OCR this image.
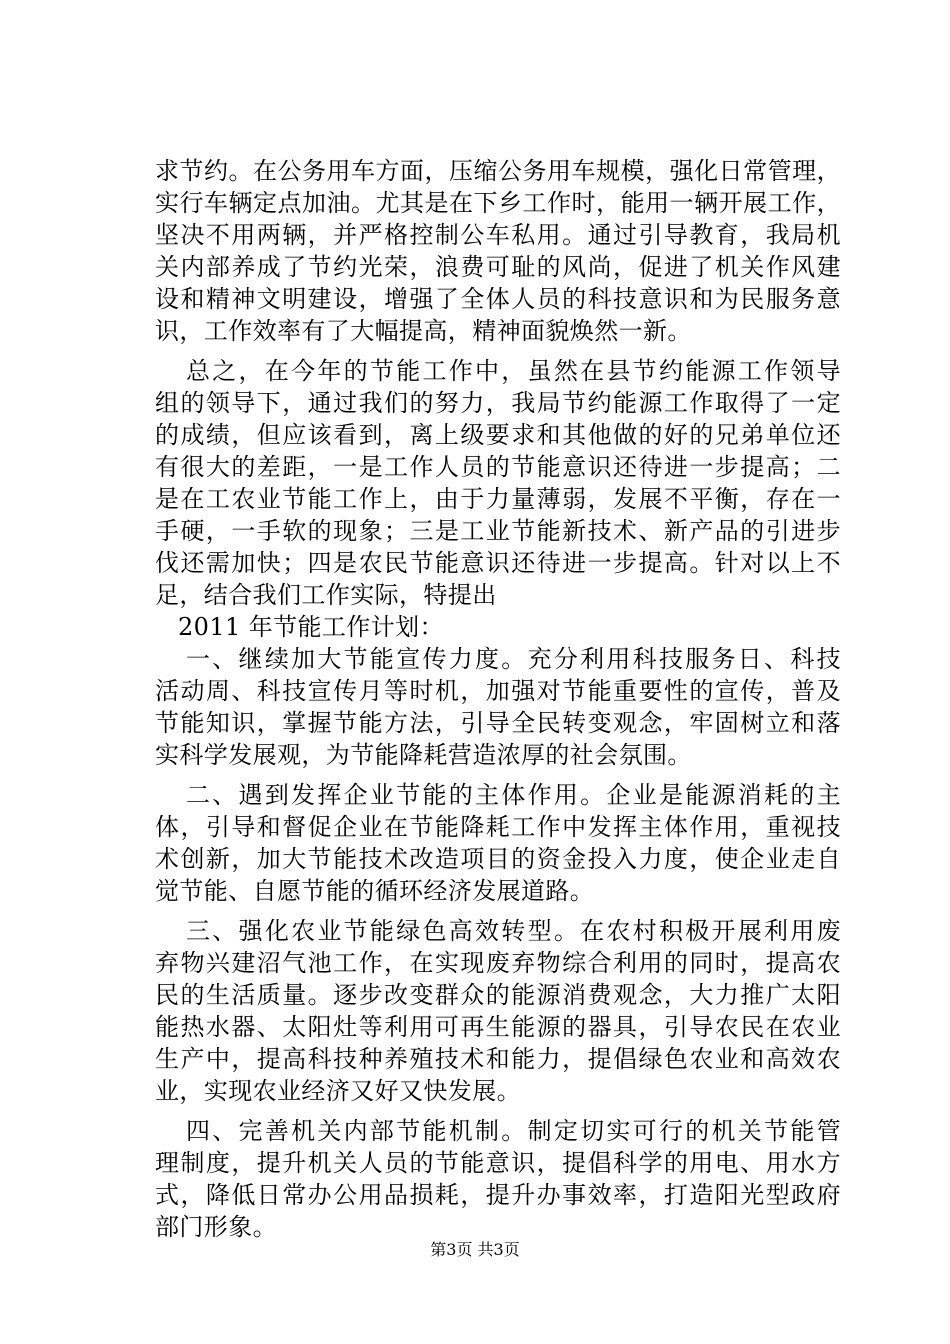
求节约。在公务用车方面，压缩公务用车规模，强化日常管理，
实行车辆定点加油。尤其是在下乡工作时，能用一辆开展工作，
坚决不用两辆，并严格控制公车私用。通过引导教育，我局机
关内部养成了节约光荣，浪费可耻的风尚，促进了机关作风建
设和精神文明建设，增强了全体人员的科技意识和为民服务意
识，工作效率有了大幅提高，精神面貌焕然一新。
总之，在今年的节能工作中，虽然在县节约能源工作领导
组的领导下，通过我们的努力，我局节约能源工作取得了一定
的成绩，但应该看到，离上级要求和其他做的好的兄弟单位还
有很大的差距，一是工作人员的节能意识还待进一步提高；二
是在工农业节能工作上，由于力量薄弱，发展不平衡，存在一
手硬，一手软的现象；三是工业节能新技术、新产品的引进步
伐还需加快；四是农民节能意识还待进一步提高。针对以上不
足，结合我们工作实际，特提出
2011 年节能工作计划：
一、继续加大节能宣传力度。充分利用科技服务日、科技
活动周、科技宣传月等时机，加强对节能重要性的宣传，普及
节能知识，掌握节能方法，引导全民转变观念，牢固树立和落
实科学发展观，为节能降耗营造浓厚的社会氛围。
二、遇到发挥企业节能的主体作用。企业是能源消耗的主
体，引导和督促企业在节能降耗工作中发挥主体作用，重视技
术创新，加大节能技术改造项目的资金投入力度，使企业走自
觉节能、自愿节能的循环经济发展道路。
三、强化农业节能绿色高效转型。在农村积极开展利用废
弃物兴建沼气池工作，在实现废弃物综合利用的同时，提高农
民的生活质量。逐步改变群众的能源消费观念，大力推广太阳
能热水器、太阳灶等利用可再生能源的器具，引导农民在农业
生产中，提高科技种养殖技术和能力，提倡绿色农业和高效农
业，实现农业经济又好又快发展。
四、完善机关内部节能机制。制定切实可行的机关节能管
理制度，提升机关人员的节能意识，提倡科学的用电、用水方
式，降低日常办公用品损耗，提升办事效率，打造阳光型政府
部门形象。
第3页 共3页
